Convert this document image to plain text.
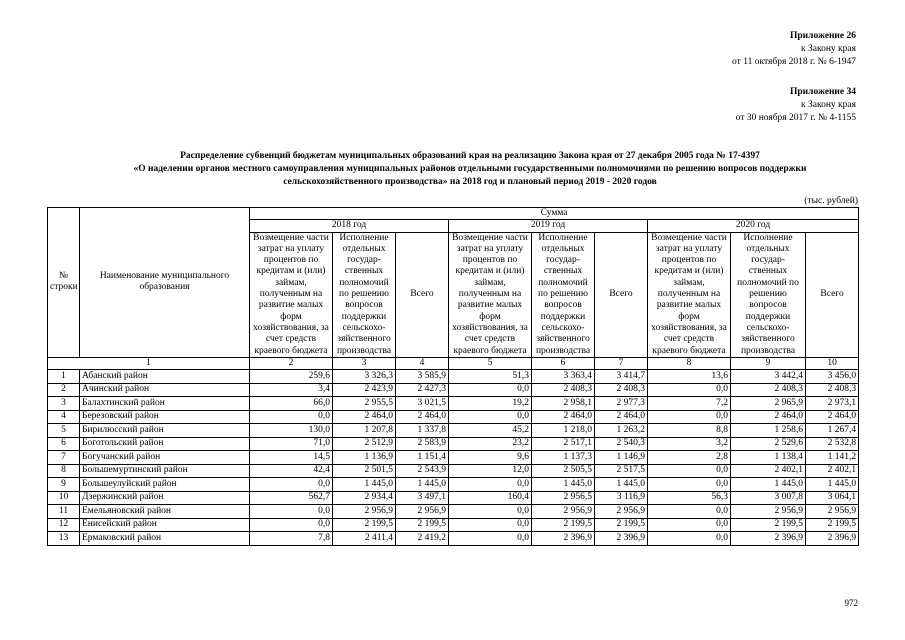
Приложение 26
к Закону края
от 11 октября 2018 г. № 6-1947
Приложение 34
к Закону края
от 30 ноября 2017 г. № 4-1155
Распределение субвенций бюджетам муниципальных образований края на реализацию Закона края от 27 декабря 2005 года № 17-4397
«О наделении органов местного самоуправления муниципальных районов отдельными государственными полномочиями по решению вопросов поддержки
сельскохозяйственного производства» на 2018 год и плановый период 2019 - 2020 годов
(тыс. рублей)
№ строки	Наименование муниципального образования	Сумма								
		2018 год			2019 год			2020 год		
		Возмещение части затрат на уплату процентов по кредитам и (или) займам, полученным на развитие малых форм хозяйствования, за счет средств краевого бюджета	Исполнение отдельных государ-ственных полномочий по решению вопросов поддержки сельскохо-зяйственного производства	Всего	Возмещение части затрат на уплату процентов по кредитам и (или) займам, полученным на развитие малых форм хозяйствования, за счет средств краевого бюджета	Исполнение отдельных государ-ственных полномочий по решению вопросов поддержки сельскохо-зяйственного производства	Всего	Возмещение части затрат на уплату процентов по кредитам и (или) займам, полученным на развитие малых форм хозяйствования, за счет средств краевого бюджета	Исполнение отдельных государ-ственных полномочий по решению вопросов поддержки сельскохо-зяйственного производства	Всего
1		2	3	4	5	6	7	8	9	10
1	Абанский район	259,6	3 326,3	3 585,9	51,3	3 363,4	3 414,7	13,6	3 442,4	3 456,0
2	Ачинский район	3,4	2 423,9	2 427,3	0,0	2 408,3	2 408,3	0,0	2 408,3	2 408,3
3	Балахтинский район	66,0	2 955,5	3 021,5	19,2	2 958,1	2 977,3	7,2	2 965,9	2 973,1
4	Березовский район	0,0	2 464,0	2 464,0	0,0	2 464,0	2 464,0	0,0	2 464,0	2 464,0
5	Бирилюсский район	130,0	1 207,8	1 337,8	45,2	1 218,0	1 263,2	8,8	1 258,6	1 267,4
6	Боготольский район	71,0	2 512,9	2 583,9	23,2	2 517,1	2 540,3	3,2	2 529,6	2 532,8
7	Богучанский район	14,5	1 136,9	1 151,4	9,6	1 137,3	1 146,9	2,8	1 138,4	1 141,2
8	Большемуртинский район	42,4	2 501,5	2 543,9	12,0	2 505,5	2 517,5	0,0	2 402,1	2 402,1
9	Большеулуйский район	0,0	1 445,0	1 445,0	0,0	1 445,0	1 445,0	0,0	1 445,0	1 445,0
10	Дзержинский район	562,7	2 934,4	3 497,1	160,4	2 956,5	3 116,9	56,3	3 007,8	3 064,1
11	Емельяновский район	0,0	2 956,9	2 956,9	0,0	2 956,9	2 956,9	0,0	2 956,9	2 956,9
12	Енисейский район	0,0	2 199,5	2 199,5	0,0	2 199,5	2 199,5	0,0	2 199,5	2 199,5
13	Ермаковский район	7,8	2 411,4	2 419,2	0,0	2 396,9	2 396,9	0,0	2 396,9	2 396,9
972
